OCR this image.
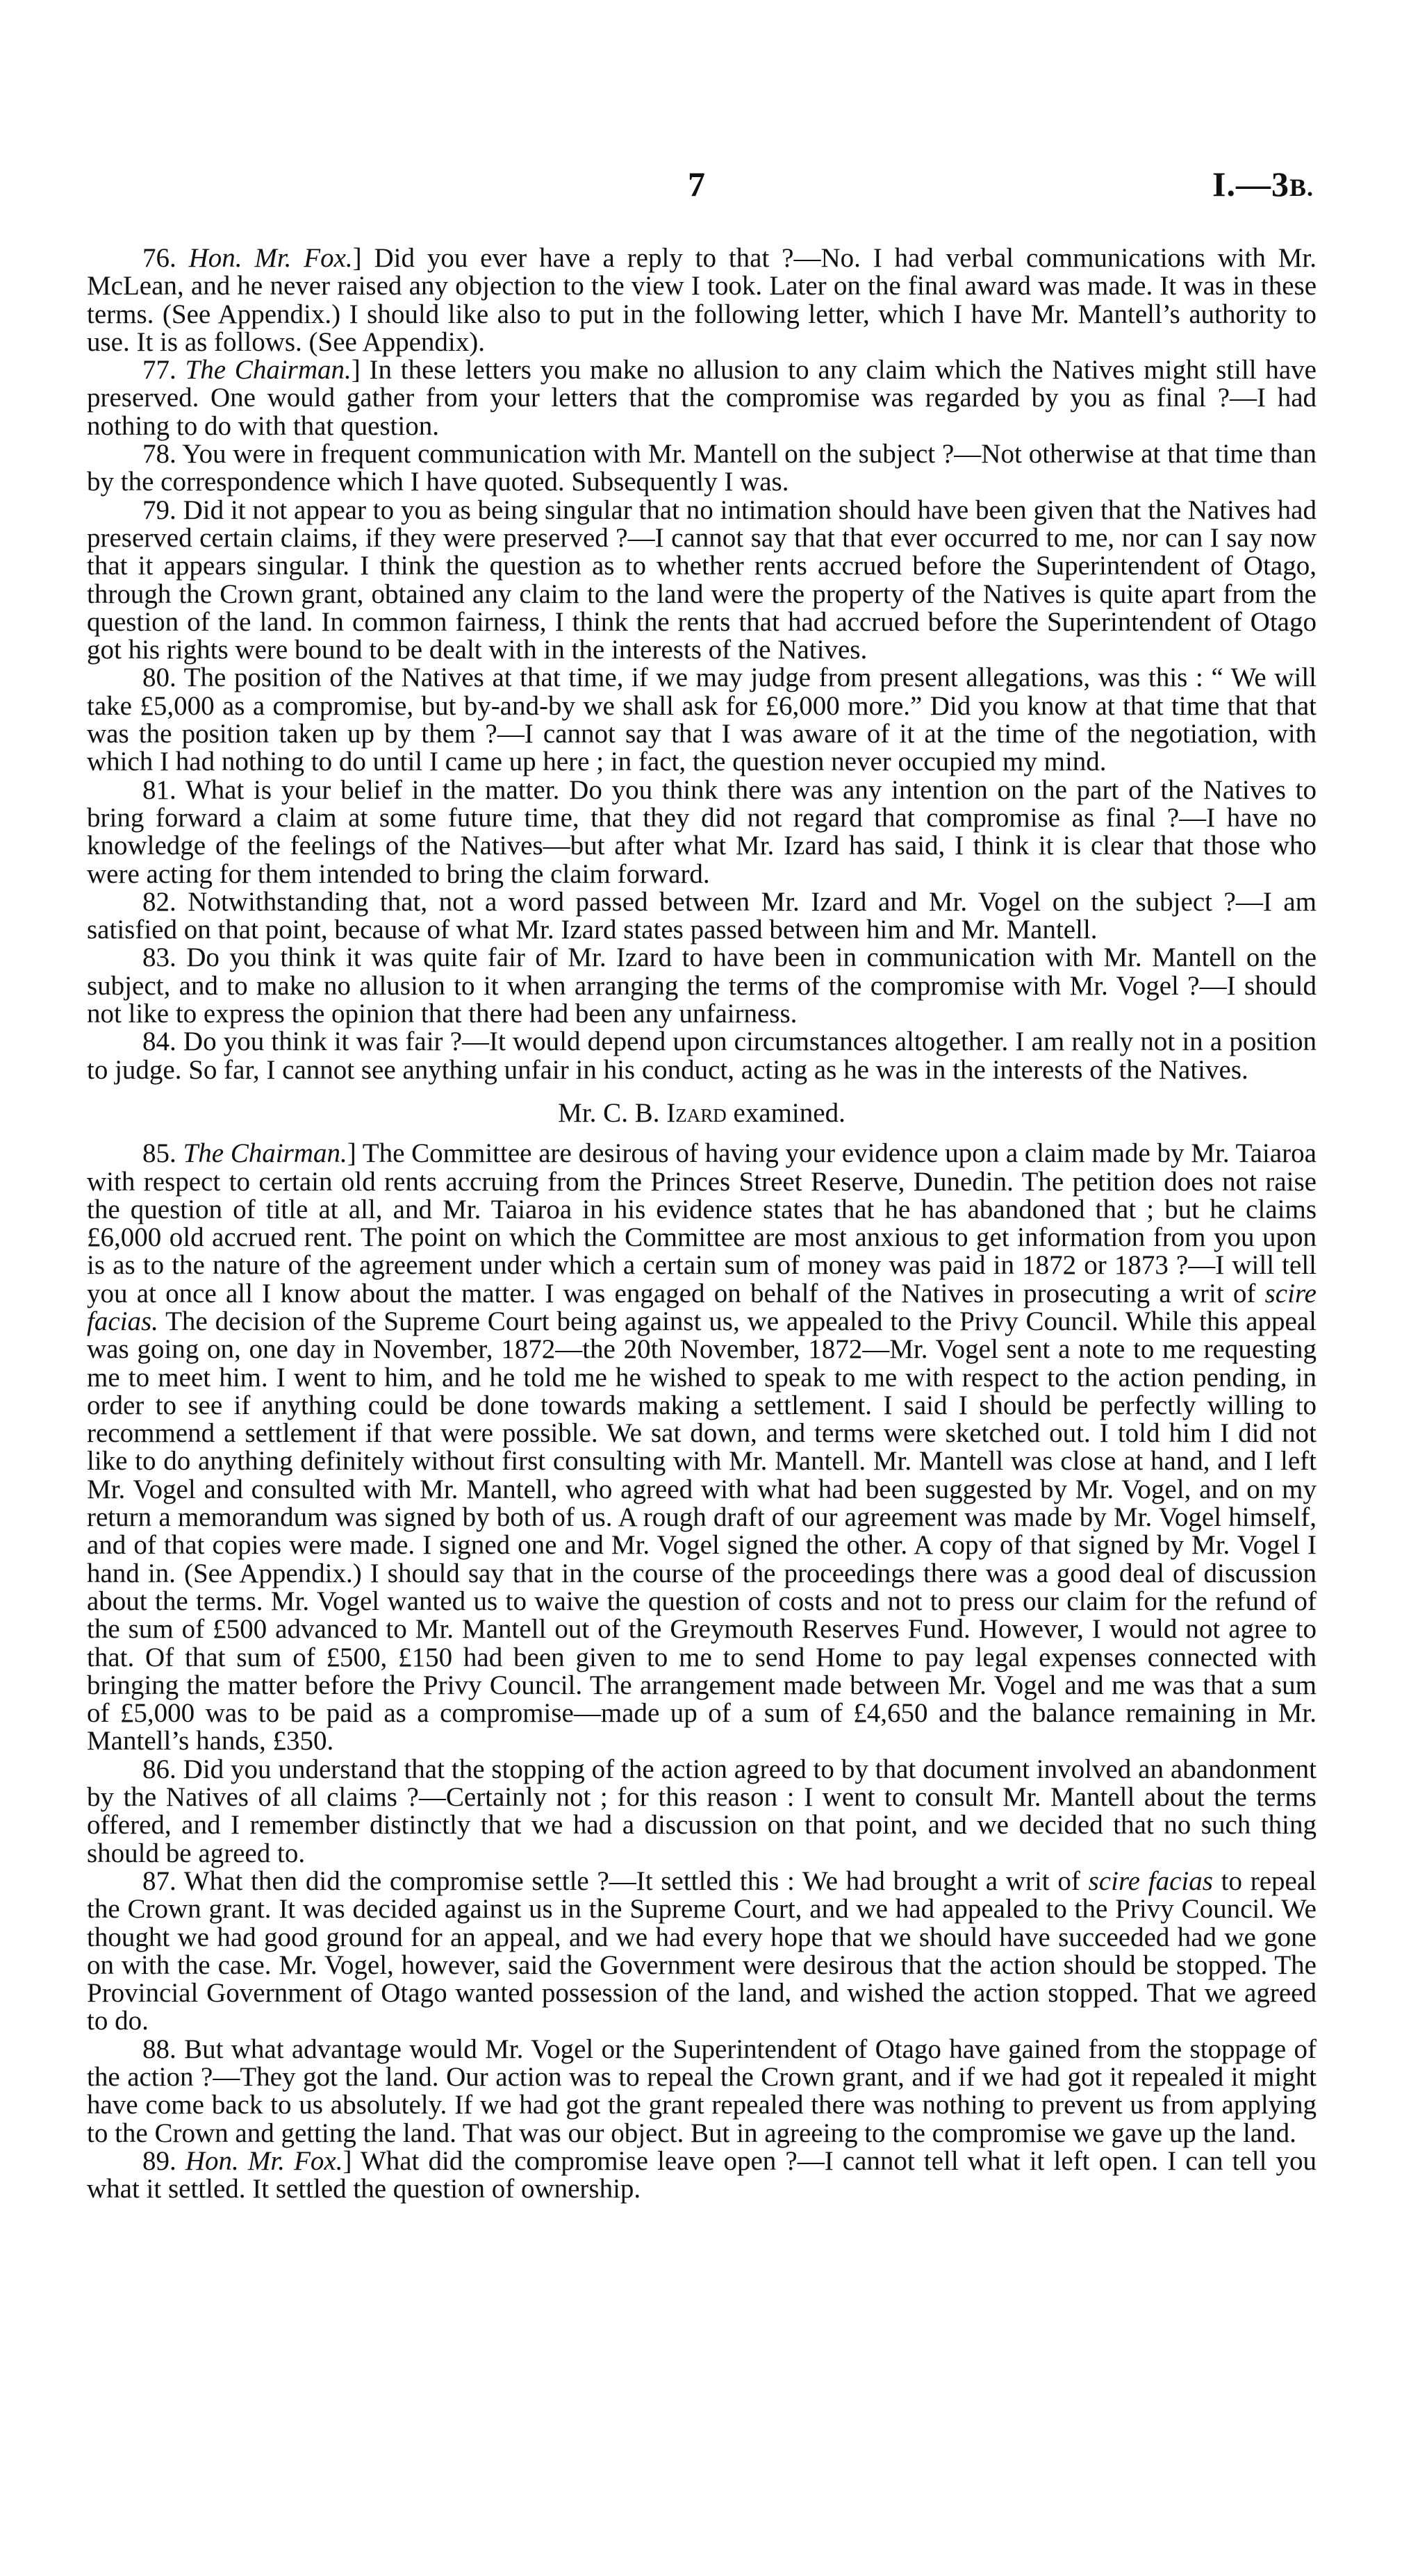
7	I.—3B.

76. Hon. Mr. Fox.] Did you ever have a reply to that ?—No. I had verbal communications with Mr. McLean, and he never raised any objection to the view I took. Later on the final award was made. It was in these terms. (See Appendix.) I should like also to put in the following letter, which I have Mr. Mantell’s authority to use. It is as follows. (See Appendix).

77. The Chairman.] In these letters you make no allusion to any claim which the Natives might still have preserved. One would gather from your letters that the compromise was regarded by you as final ?—I had nothing to do with that question.

78. You were in frequent communication with Mr. Mantell on the subject ?—Not otherwise at that time than by the correspondence which I have quoted. Subsequently I was.

79. Did it not appear to you as being singular that no intimation should have been given that the Natives had preserved certain claims, if they were preserved ?—I cannot say that that ever occurred to me, nor can I say now that it appears singular. I think the question as to whether rents accrued before the Superintendent of Otago, through the Crown grant, obtained any claim to the land were the property of the Natives is quite apart from the question of the land. In common fairness, I think the rents that had accrued before the Superintendent of Otago got his rights were bound to be dealt with in the interests of the Natives.

80. The position of the Natives at that time, if we may judge from present allegations, was this : “ We will take £5,000 as a compromise, but by-and-by we shall ask for £6,000 more.” Did you know at that time that that was the position taken up by them ?—I cannot say that I was aware of it at the time of the negotiation, with which I had nothing to do until I came up here ; in fact, the question never occupied my mind.

81. What is your belief in the matter. Do you think there was any intention on the part of the Natives to bring forward a claim at some future time, that they did not regard that compromise as final ?—I have no knowledge of the feelings of the Natives—but after what Mr. Izard has said, I think it is clear that those who were acting for them intended to bring the claim forward.

82. Notwithstanding that, not a word passed between Mr. Izard and Mr. Vogel on the subject ?—I am satisfied on that point, because of what Mr. Izard states passed between him and Mr. Mantell.

83. Do you think it was quite fair of Mr. Izard to have been in communication with Mr. Mantell on the subject, and to make no allusion to it when arranging the terms of the compromise with Mr. Vogel ?—I should not like to express the opinion that there had been any unfairness.

84. Do you think it was fair ?—It would depend upon circumstances altogether. I am really not in a position to judge. So far, I cannot see anything unfair in his conduct, acting as he was in the interests of the Natives.

Mr. C. B. Izard examined.

85. The Chairman.] The Committee are desirous of having your evidence upon a claim made by Mr. Taiaroa with respect to certain old rents accruing from the Princes Street Reserve, Dunedin. The petition does not raise the question of title at all, and Mr. Taiaroa in his evidence states that he has abandoned that ; but he claims £6,000 old accrued rent. The point on which the Committee are most anxious to get information from you upon is as to the nature of the agreement under which a certain sum of money was paid in 1872 or 1873 ?—I will tell you at once all I know about the matter. I was engaged on behalf of the Natives in prosecuting a writ of scire facias. The decision of the Supreme Court being against us, we appealed to the Privy Council. While this appeal was going on, one day in November, 1872—the 20th November, 1872—Mr. Vogel sent a note to me requesting me to meet him. I went to him, and he told me he wished to speak to me with respect to the action pending, in order to see if anything could be done towards making a settlement. I said I should be perfectly willing to recommend a settlement if that were possible. We sat down, and terms were sketched out. I told him I did not like to do anything definitely without first consulting with Mr. Mantell. Mr. Mantell was close at hand, and I left Mr. Vogel and consulted with Mr. Mantell, who agreed with what had been suggested by Mr. Vogel, and on my return a memorandum was signed by both of us. A rough draft of our agreement was made by Mr. Vogel himself, and of that copies were made. I signed one and Mr. Vogel signed the other. A copy of that signed by Mr. Vogel I hand in. (See Appendix.) I should say that in the course of the proceedings there was a good deal of discussion about the terms. Mr. Vogel wanted us to waive the question of costs and not to press our claim for the refund of the sum of £500 advanced to Mr. Mantell out of the Greymouth Reserves Fund. However, I would not agree to that. Of that sum of £500, £150 had been given to me to send Home to pay legal expenses connected with bringing the matter before the Privy Council. The arrangement made between Mr. Vogel and me was that a sum of £5,000 was to be paid as a compromise—made up of a sum of £4,650 and the balance remaining in Mr. Mantell’s hands, £350.

86. Did you understand that the stopping of the action agreed to by that document involved an abandonment by the Natives of all claims ?—Certainly not ; for this reason : I went to consult Mr. Mantell about the terms offered, and I remember distinctly that we had a discussion on that point, and we decided that no such thing should be agreed to.

87. What then did the compromise settle ?—It settled this : We had brought a writ of scire facias to repeal the Crown grant. It was decided against us in the Supreme Court, and we had appealed to the Privy Council. We thought we had good ground for an appeal, and we had every hope that we should have succeeded had we gone on with the case. Mr. Vogel, however, said the Government were desirous that the action should be stopped. The Provincial Government of Otago wanted possession of the land, and wished the action stopped. That we agreed to do.

88. But what advantage would Mr. Vogel or the Superintendent of Otago have gained from the stoppage of the action ?—They got the land. Our action was to repeal the Crown grant, and if we had got it repealed it might have come back to us absolutely. If we had got the grant repealed there was nothing to prevent us from applying to the Crown and getting the land. That was our object. But in agreeing to the compromise we gave up the land.

89. Hon. Mr. Fox.] What did the compromise leave open ?—I cannot tell what it left open. I can tell you what it settled. It settled the question of ownership.
